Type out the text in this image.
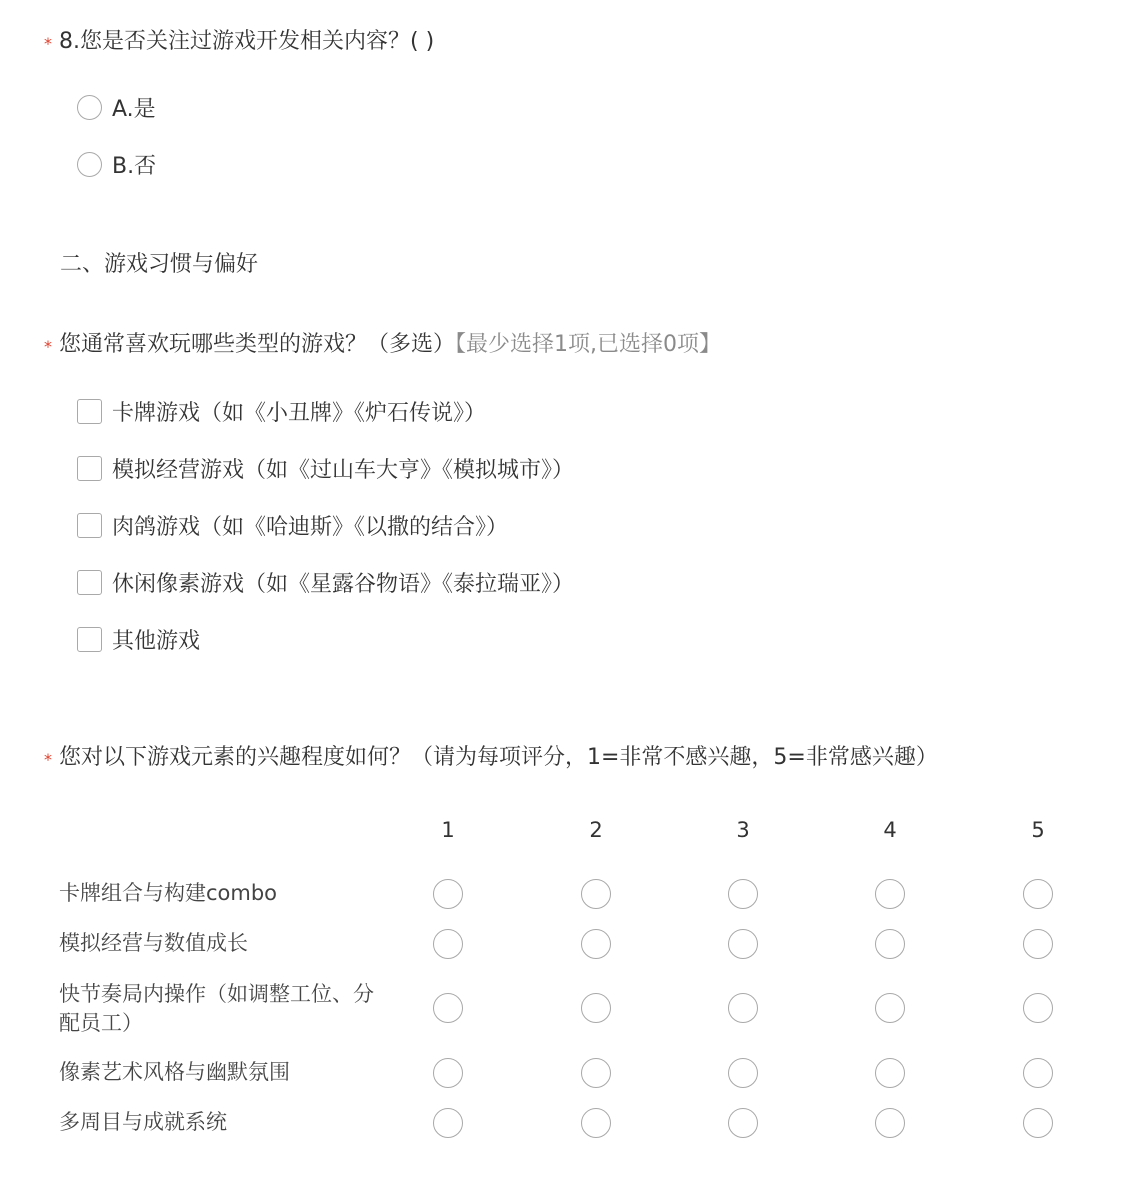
* 8.您是否关注过游戏开发相关内容？( )
A.是
B.否
二、游戏习惯与偏好
* 您通常喜欢玩哪些类型的游戏？（多选）【最少选择1项,已选择0项】
卡牌游戏（如《小丑牌》《炉石传说》）
模拟经营游戏（如《过山车大亨》《模拟城市》）
肉鸽游戏（如《哈迪斯》《以撒的结合》）
休闲像素游戏（如《星露谷物语》《泰拉瑞亚》）
其他游戏
* 您对以下游戏元素的兴趣程度如何？（请为每项评分，1=非常不感兴趣，5=非常感兴趣）
1	2	3	4	5
卡牌组合与构建combo
模拟经营与数值成长
快节奏局内操作（如调整工位、分配员工）
像素艺术风格与幽默氛围
多周目与成就系统
